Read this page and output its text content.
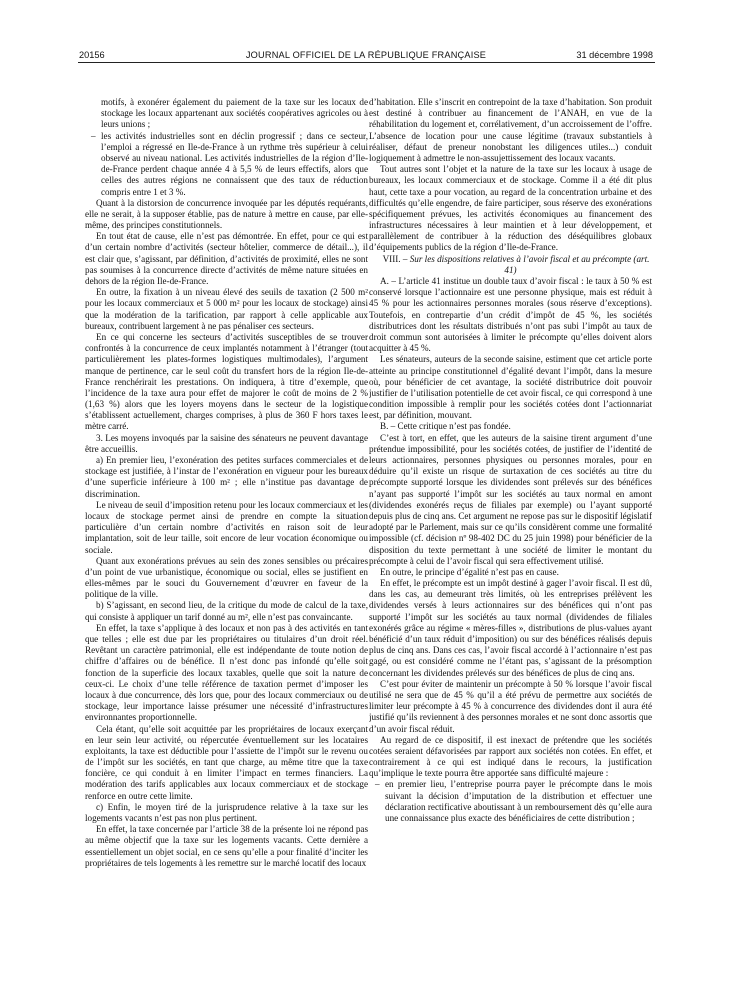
20156	JOURNAL OFFICIEL DE LA RÉPUBLIQUE FRANÇAISE	31 décembre 1998

motifs, à exonérer également du paiement de la taxe sur les locaux de stockage les locaux appartenant aux sociétés coopératives agricoles ou à leurs unions ;

– les activités industrielles sont en déclin progressif ; dans ce secteur, l’emploi a régressé en Ile-de-France à un rythme très supérieur à celui observé au niveau national. Les activités industrielles de la région d’Ile-de-France perdent chaque année 4 à 5,5 % de leurs effectifs, alors que celles des autres régions ne connaissent que des taux de réduction compris entre 1 et 3 %.

Quant à la distorsion de concurrence invoquée par les députés requérants, elle ne serait, à la supposer établie, pas de nature à mettre en cause, par elle-même, des principes constitutionnels.

En tout état de cause, elle n’est pas démontrée. En effet, pour ce qui est d’un certain nombre d’activités (secteur hôtelier, commerce de détail...), il est clair que, s’agissant, par définition, d’activités de proximité, elles ne sont pas soumises à la concurrence directe d’activités de même nature situées en dehors de la région Ile-de-France.

En outre, la fixation à un niveau élevé des seuils de taxation (2 500 m² pour les locaux commerciaux et 5 000 m² pour les locaux de stockage) ainsi que la modération de la tarification, par rapport à celle applicable aux bureaux, contribuent largement à ne pas pénaliser ces secteurs.

En ce qui concerne les secteurs d’activités susceptibles de se trouver confrontés à la concurrence de ceux implantés notamment à l’étranger (tout particulièrement les plates-formes logistiques multimodales), l’argument manque de pertinence, car le seul coût du transfert hors de la région Ile-de-France renchérirait les prestations. On indiquera, à titre d’exemple, que l’incidence de la taxe aura pour effet de majorer le coût de moins de 2 % (1,63 %) alors que les loyers moyens dans le secteur de la logistique s’établissent actuellement, charges comprises, à plus de 360 F hors taxes le mètre carré.

3. Les moyens invoqués par la saisine des sénateurs ne peuvent davantage être accueillis.

a) En premier lieu, l’exonération des petites surfaces commerciales et de stockage est justifiée, à l’instar de l’exonération en vigueur pour les bureaux d’une superficie inférieure à 100 m² ; elle n’institue pas davantage de discrimination.

Le niveau de seuil d’imposition retenu pour les locaux commerciaux et les locaux de stockage permet ainsi de prendre en compte la situation particulière d’un certain nombre d’activités en raison soit de leur implantation, soit de leur taille, soit encore de leur vocation économique ou sociale.

Quant aux exonérations prévues au sein des zones sensibles ou précaires d’un point de vue urbanistique, économique ou social, elles se justifient en elles-mêmes par le souci du Gouvernement d’œuvrer en faveur de la politique de la ville.

b) S’agissant, en second lieu, de la critique du mode de calcul de la taxe, qui consiste à appliquer un tarif donné au m², elle n’est pas convaincante.

En effet, la taxe s’applique à des locaux et non pas à des activités en tant que telles ; elle est due par les propriétaires ou titulaires d’un droit réel. Revêtant un caractère patrimonial, elle est indépendante de toute notion de chiffre d’affaires ou de bénéfice. Il n’est donc pas infondé qu’elle soit fonction de la superficie des locaux taxables, quelle que soit la nature de ceux-ci. Le choix d’une telle référence de taxation permet d’imposer les locaux à due concurrence, dès lors que, pour des locaux commerciaux ou de stockage, leur importance laisse présumer une nécessité d’infrastructures environnantes proportionnelle.

Cela étant, qu’elle soit acquittée par les propriétaires de locaux exerçant en leur sein leur activité, ou répercutée éventuellement sur les locataires exploitants, la taxe est déductible pour l’assiette de l’impôt sur le revenu ou de l’impôt sur les sociétés, en tant que charge, au même titre que la taxe foncière, ce qui conduit à en limiter l’impact en termes financiers. La modération des tarifs applicables aux locaux commerciaux et de stockage renforce en outre cette limite.

c) Enfin, le moyen tiré de la jurisprudence relative à la taxe sur les logements vacants n’est pas non plus pertinent.

En effet, la taxe concernée par l’article 38 de la présente loi ne répond pas au même objectif que la taxe sur les logements vacants. Cette dernière a essentiellement un objet social, en ce sens qu’elle a pour finalité d’inciter les propriétaires de tels logements à les remettre sur le marché locatif des locaux

d’habitation. Elle s’inscrit en contrepoint de la taxe d’habitation. Son produit est destiné à contribuer au financement de l’ANAH, en vue de la réhabilitation du logement et, corrélativement, d’un accroissement de l’offre. L’absence de location pour une cause légitime (travaux substantiels à réaliser, défaut de preneur nonobstant les diligences utiles...) conduit logiquement à admettre le non-assujettissement des locaux vacants.

Tout autres sont l’objet et la nature de la taxe sur les locaux à usage de bureaux, les locaux commerciaux et de stockage. Comme il a été dit plus haut, cette taxe a pour vocation, au regard de la concentration urbaine et des difficultés qu’elle engendre, de faire participer, sous réserve des exonérations spécifiquement prévues, les activités économiques au financement des infrastructures nécessaires à leur maintien et à leur développement, et parallèlement de contribuer à la réduction des déséquilibres globaux d’équipements publics de la région d’Ile-de-France.

VIII. – Sur les dispositions relatives à l’avoir fiscal et au précompte (art. 41)

A. – L’article 41 institue un double taux d’avoir fiscal : le taux à 50 % est conservé lorsque l’actionnaire est une personne physique, mais est réduit à 45 % pour les actionnaires personnes morales (sous réserve d’exceptions). Toutefois, en contrepartie d’un crédit d’impôt de 45 %, les sociétés distributrices dont les résultats distribués n’ont pas subi l’impôt au taux de droit commun sont autorisées à limiter le précompte qu’elles doivent alors acquitter à 45 %.

Les sénateurs, auteurs de la seconde saisine, estiment que cet article porte atteinte au principe constitutionnel d’égalité devant l’impôt, dans la mesure où, pour bénéficier de cet avantage, la société distributrice doit pouvoir justifier de l’utilisation potentielle de cet avoir fiscal, ce qui correspond à une condition impossible à remplir pour les sociétés cotées dont l’actionnariat est, par définition, mouvant.

B. – Cette critique n’est pas fondée.

C’est à tort, en effet, que les auteurs de la saisine tirent argument d’une prétendue impossibilité, pour les sociétés cotées, de justifier de l’identité de leurs actionnaires, personnes physiques ou personnes morales, pour en déduire qu’il existe un risque de surtaxation de ces sociétés au titre du précompte supporté lorsque les dividendes sont prélevés sur des bénéfices n’ayant pas supporté l’impôt sur les sociétés au taux normal en amont (dividendes exonérés reçus de filiales par exemple) ou l’ayant supporté depuis plus de cinq ans. Cet argument ne repose pas sur le dispositif législatif adopté par le Parlement, mais sur ce qu’ils considèrent comme une formalité impossible (cf. décision nº 98-402 DC du 25 juin 1998) pour bénéficier de la disposition du texte permettant à une société de limiter le montant du précompte à celui de l’avoir fiscal qui sera effectivement utilisé.

En outre, le principe d’égalité n’est pas en cause.

En effet, le précompte est un impôt destiné à gager l’avoir fiscal. Il est dû, dans les cas, au demeurant très limités, où les entreprises prélèvent les dividendes versés à leurs actionnaires sur des bénéfices qui n’ont pas supporté l’impôt sur les sociétés au taux normal (dividendes de filiales exonérés grâce au régime « mères-filles », distributions de plus-values ayant bénéficié d’un taux réduit d’imposition) ou sur des bénéfices réalisés depuis plus de cinq ans. Dans ces cas, l’avoir fiscal accordé à l’actionnaire n’est pas gagé, ou est considéré comme ne l’étant pas, s’agissant de la présomption concernant les dividendes prélevés sur des bénéfices de plus de cinq ans.

C’est pour éviter de maintenir un précompte à 50 % lorsque l’avoir fiscal utilisé ne sera que de 45 % qu’il a été prévu de permettre aux sociétés de limiter leur précompte à 45 % à concurrence des dividendes dont il aura été justifié qu’ils reviennent à des personnes morales et ne sont donc assortis que d’un avoir fiscal réduit.

Au regard de ce dispositif, il est inexact de prétendre que les sociétés cotées seraient défavorisées par rapport aux sociétés non cotées. En effet, et contrairement à ce qui est indiqué dans le recours, la justification qu’implique le texte pourra être apportée sans difficulté majeure :

– en premier lieu, l’entreprise pourra payer le précompte dans le mois suivant la décision d’imputation de la distribution et effectuer une déclaration rectificative aboutissant à un remboursement dès qu’elle aura une connaissance plus exacte des bénéficiaires de cette distribution ;
